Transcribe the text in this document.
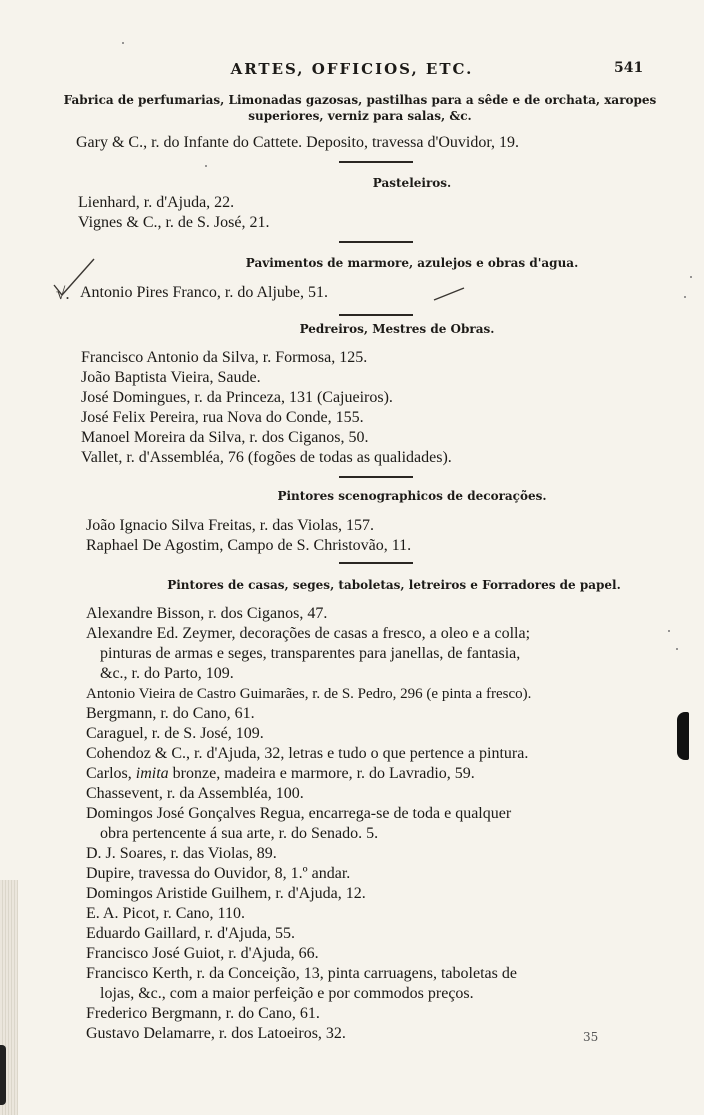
ARTES, OFFICIOS, ETC.	541
Fabrica de perfumarias, Limonadas gazosas, pastilhas para a sêde e de orchata, xaropes superiores, verniz para salas, &c.
Gary & C., r. do Infante do Cattete. Deposito, travessa d'Ouvidor, 19.
Pasteleiros.
Lienhard, r. d'Ajuda, 22.
Vignes & C., r. de S. José, 21.
Pavimentos de marmore, azulejos e obras d'agua.
√. Antonio Pires Franco, r. do Aljube, 51.
Pedreiros, Mestres de Obras.
Francisco Antonio da Silva, r. Formosa, 125.
João Baptista Vieira, Saude.
José Domingues, r. da Princeza, 131 (Cajueiros).
José Felix Pereira, rua Nova do Conde, 155.
Manoel Moreira da Silva, r. dos Ciganos, 50.
Vallet, r. d'Assembléa, 76 (fogões de todas as qualidades).
Pintores scenographicos de decorações.
João Ignacio Silva Freitas, r. das Violas, 157.
Raphael De Agostim, Campo de S. Christovão, 11.
Pintores de casas, seges, taboletas, letreiros e Forradores de papel.
Alexandre Bisson, r. dos Ciganos, 47.
Alexandre Ed. Zeymer, decorações de casas a fresco, a oleo e a colla;
pinturas de armas e seges, transparentes para janellas, de fantasia,
&c., r. do Parto, 109.
Antonio Vieira de Castro Guimarães, r. de S. Pedro, 296 (e pinta a fresco).
Bergmann, r. do Cano, 61.
Caraguel, r. de S. José, 109.
Cohendoz & C., r. d'Ajuda, 32, letras e tudo o que pertence a pintura.
Carlos, imita bronze, madeira e marmore, r. do Lavradio, 59.
Chassevent, r. da Assembléa, 100.
Domingos José Gonçalves Regua, encarrega-se de toda e qualquer
obra pertencente á sua arte, r. do Senado. 5.
D. J. Soares, r. das Violas, 89.
Dupire, travessa do Ouvidor, 8, 1.º andar.
Domingos Aristide Guilhem, r. d'Ajuda, 12.
E. A. Picot, r. Cano, 110.
Eduardo Gaillard, r. d'Ajuda, 55.
Francisco José Guiot, r. d'Ajuda, 66.
Francisco Kerth, r. da Conceição, 13, pinta carruagens, taboletas de
lojas, &c., com a maior perfeição e por commodos preços.
Frederico Bergmann, r. do Cano, 61.
Gustavo Delamarre, r. dos Latoeiros, 32.	35
